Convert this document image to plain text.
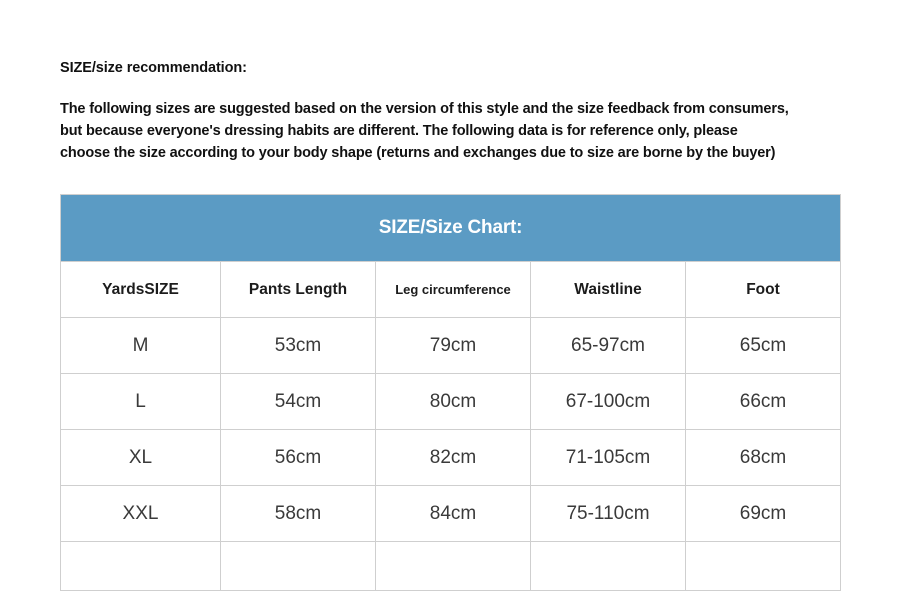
SIZE/size recommendation:
The following sizes are suggested based on the version of this style and the size feedback from consumers,
but because everyone's dressing habits are different. The following data is for reference only, please
choose the size according to your body shape (returns and exchanges due to size are borne by the buyer)
SIZE/Size Chart:				
YardsSIZE	Pants Length	Leg circumference	Waistline	Foot
M	53cm	79cm	65-97cm	65cm
L	54cm	80cm	67-100cm	66cm
XL	56cm	82cm	71-105cm	68cm
XXL	58cm	84cm	75-110cm	69cm
